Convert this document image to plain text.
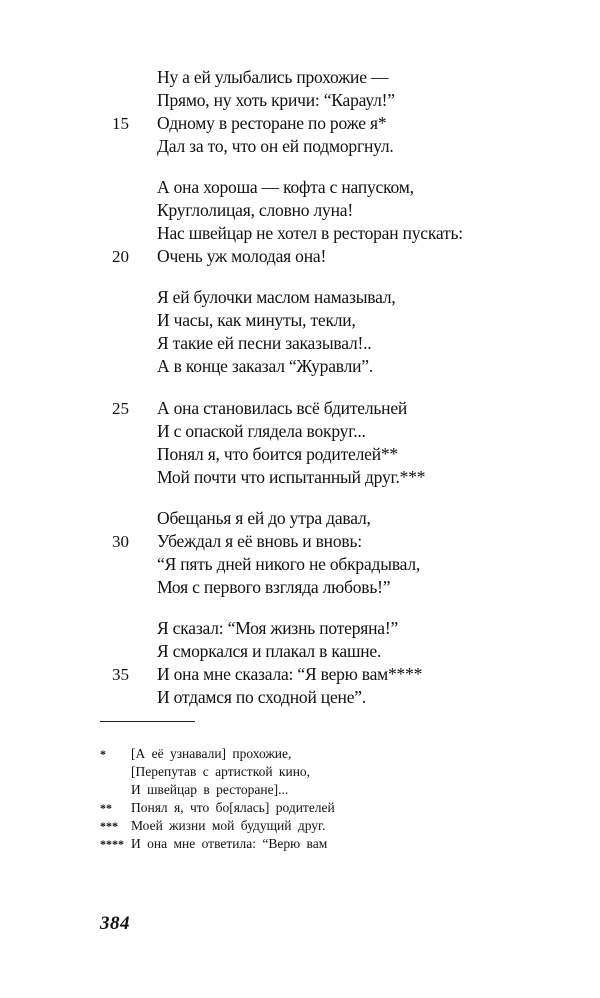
Ну а ей улыбались прохожие —
Прямо, ну хоть кричи: “Караул!”
15 Одному в ресторане по роже я*
Дал за то, что он ей подморгнул.
А она хороша — кофта с напуском,
Круглолицая, словно луна!
Нас швейцар не хотел в ресторан пускать:
20 Очень уж молодая она!
Я ей булочки маслом намазывал,
И часы, как минуты, текли,
Я такие ей песни заказывал!..
А в конце заказал “Журавли”.
25 А она становилась всё бдительней
И с опаской глядела вокруг...
Понял я, что боится родителей**
Мой почти что испытанный друг.***
Обещанья я ей до утра давал,
30 Убеждал я её вновь и вновь:
“Я пять дней никого не обкрадывал,
Моя с первого взгляда любовь!”
Я сказал: “Моя жизнь потеряна!”
Я сморкался и плакал в кашне.
35 И она мне сказала: “Я верю вам****
И отдамся по сходной цене”.
* [А её узнавали] прохожие,
[Перепутав с артисткой кино,
И швейцар в ресторане]...
** Понял я, что бо[ялась] родителей
*** Моей жизни мой будущий друг.
**** И она мне ответила: “Верю вам
384
